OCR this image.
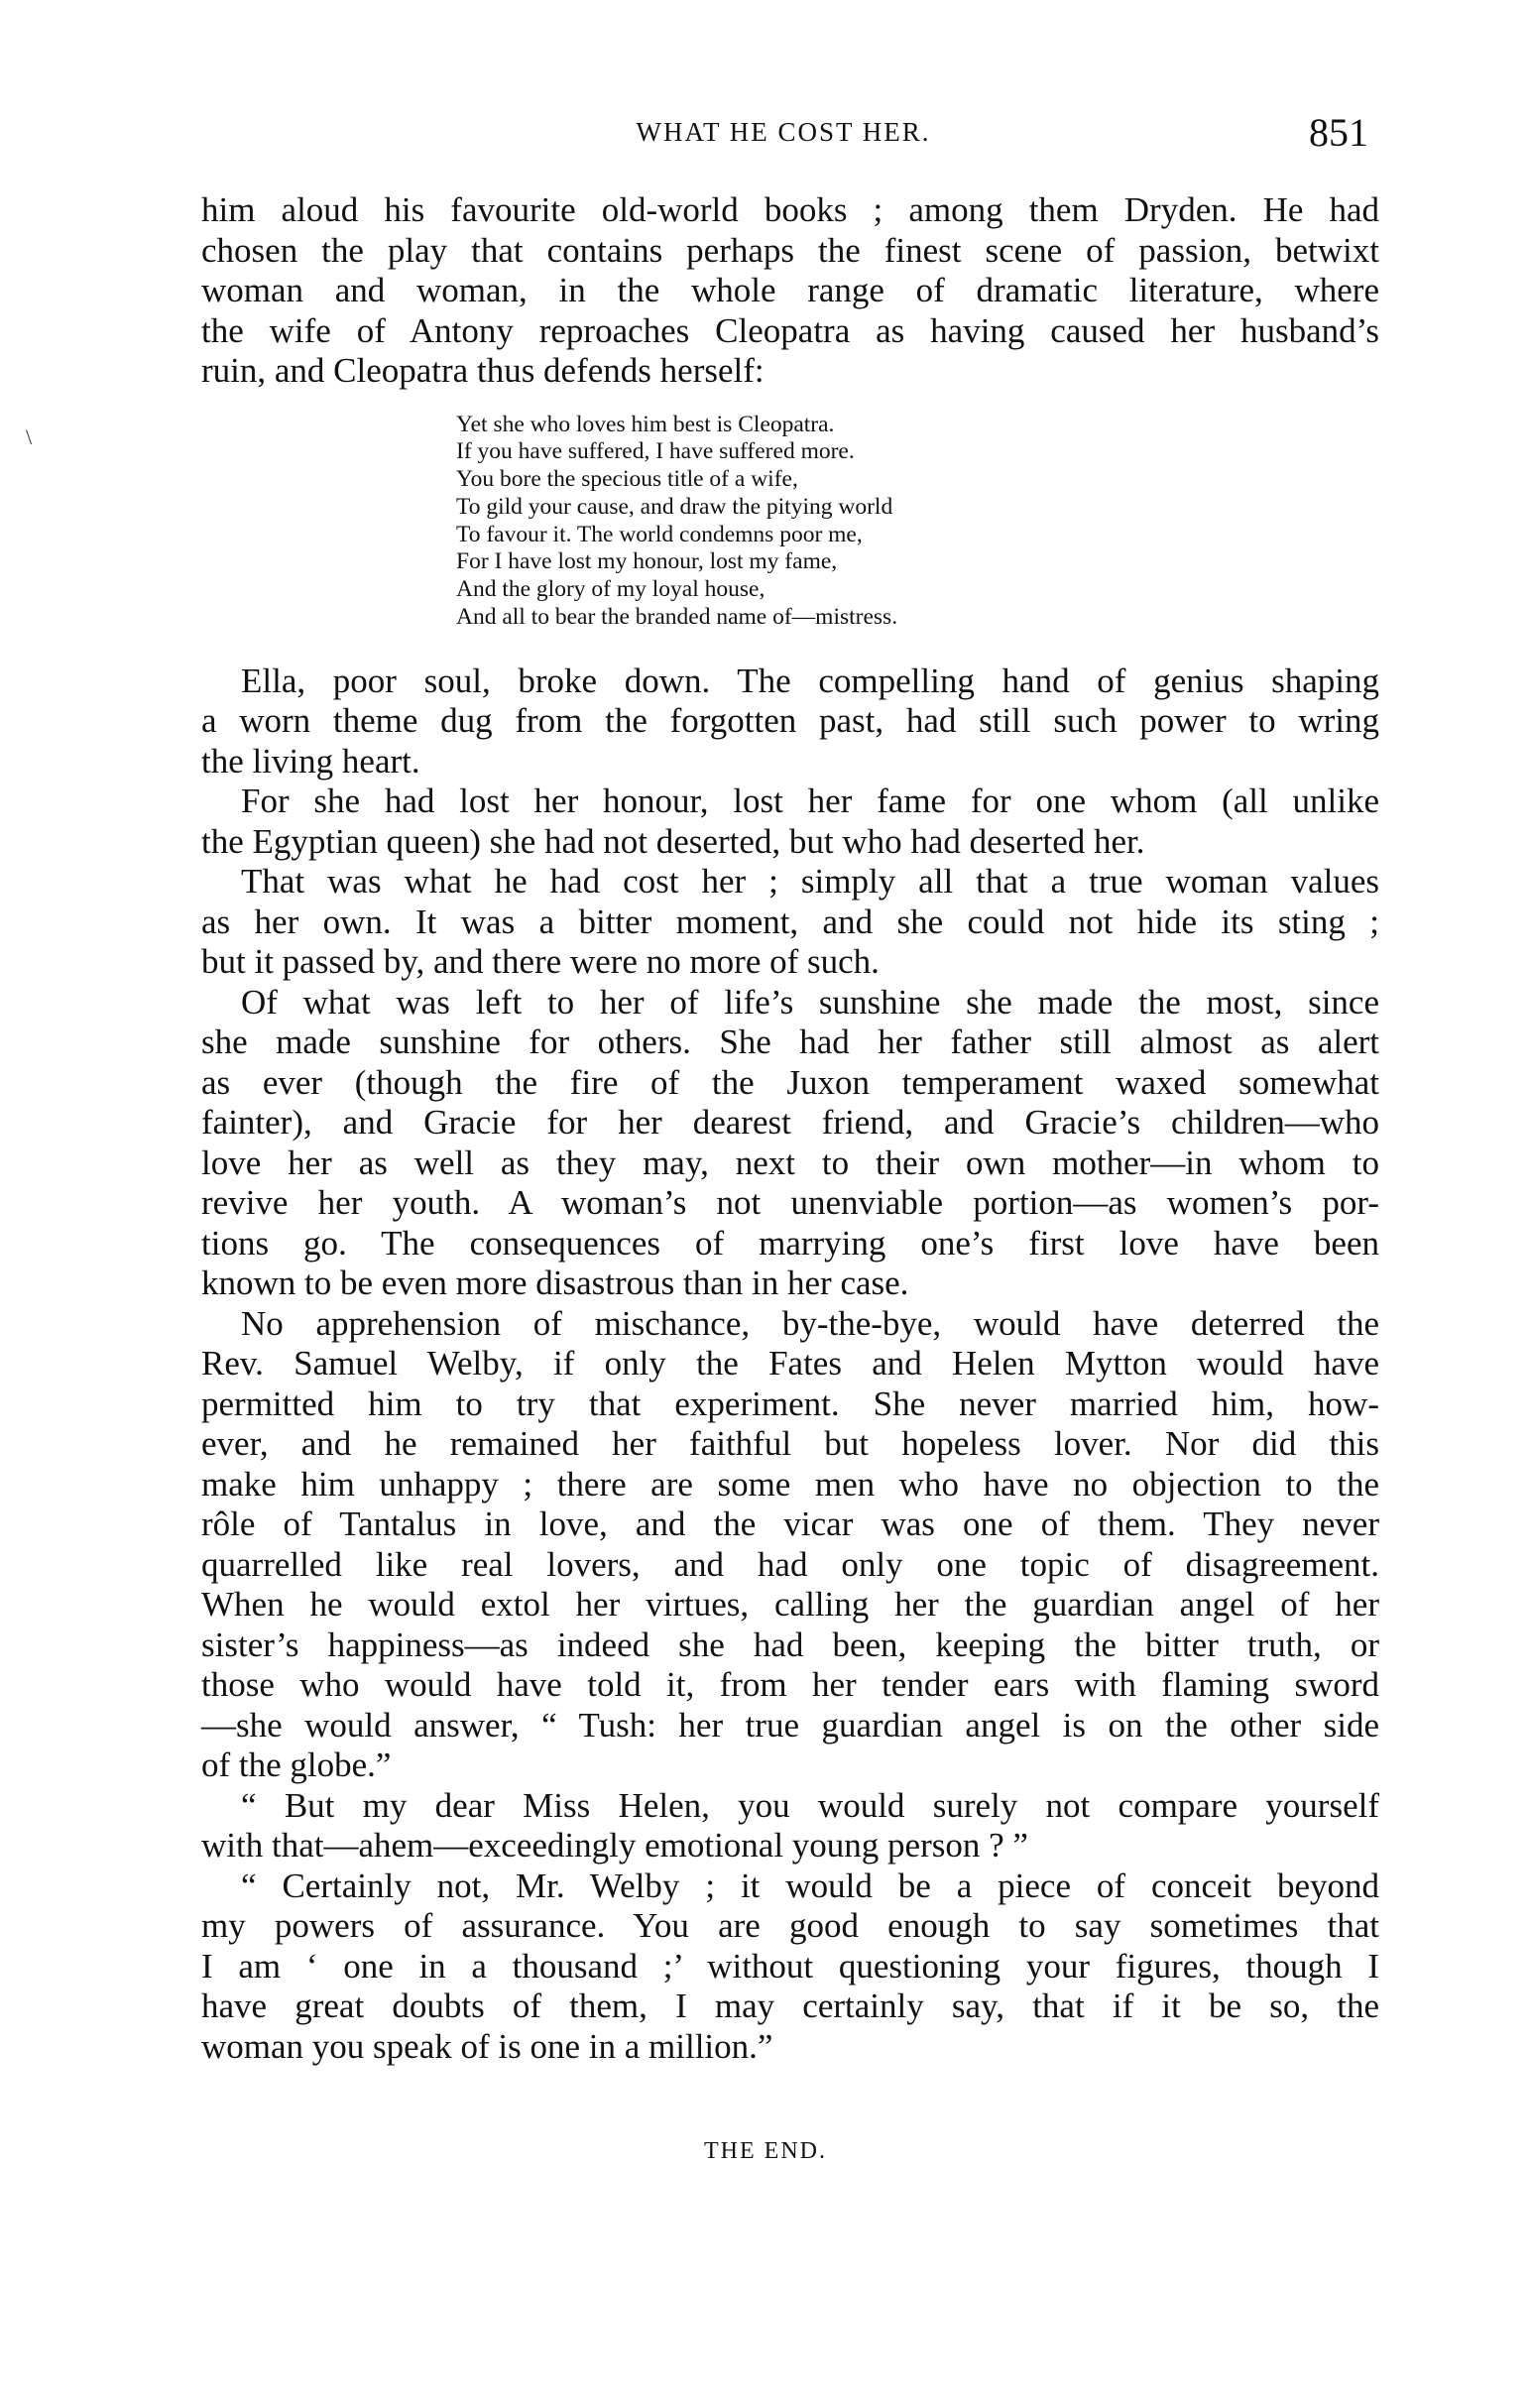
WHAT HE COST HER.	851
\
him aloud his favourite old-world books ; among them Dryden. He had
chosen the play that contains perhaps the finest scene of passion, betwixt
woman and woman, in the whole range of dramatic literature, where
the wife of Antony reproaches Cleopatra as having caused her husband’s
ruin, and Cleopatra thus defends herself:
Yet she who loves him best is Cleopatra.
If you have suffered, I have suffered more.
You bore the specious title of a wife,
To gild your cause, and draw the pitying world
To favour it. The world condemns poor me,
For I have lost my honour, lost my fame,
And the glory of my loyal house,
And all to bear the branded name of—mistress.
Ella, poor soul, broke down. The compelling hand of genius shaping
a worn theme dug from the forgotten past, had still such power to wring
the living heart.
For she had lost her honour, lost her fame for one whom (all unlike
the Egyptian queen) she had not deserted, but who had deserted her.
That was what he had cost her ; simply all that a true woman values
as her own. It was a bitter moment, and she could not hide its sting ;
but it passed by, and there were no more of such.
Of what was left to her of life’s sunshine she made the most, since
she made sunshine for others. She had her father still almost as alert
as ever (though the fire of the Juxon temperament waxed somewhat
fainter), and Gracie for her dearest friend, and Gracie’s children—who
love her as well as they may, next to their own mother—in whom to
revive her youth. A woman’s not unenviable portion—as women’s por-
tions go. The consequences of marrying one’s first love have been
known to be even more disastrous than in her case.
No apprehension of mischance, by-the-bye, would have deterred the
Rev. Samuel Welby, if only the Fates and Helen Mytton would have
permitted him to try that experiment. She never married him, how-
ever, and he remained her faithful but hopeless lover. Nor did this
make him unhappy ; there are some men who have no objection to the
rôle of Tantalus in love, and the vicar was one of them. They never
quarrelled like real lovers, and had only one topic of disagreement.
When he would extol her virtues, calling her the guardian angel of her
sister’s happiness—as indeed she had been, keeping the bitter truth, or
those who would have told it, from her tender ears with flaming sword
—she would answer, “ Tush: her true guardian angel is on the other side
of the globe.”
“ But my dear Miss Helen, you would surely not compare yourself
with that—ahem—exceedingly emotional young person ? ”
“ Certainly not, Mr. Welby ; it would be a piece of conceit beyond
my powers of assurance. You are good enough to say sometimes that
I am ‘ one in a thousand ;’ without questioning your figures, though I
have great doubts of them, I may certainly say, that if it be so, the
woman you speak of is one in a million.”
THE END.
